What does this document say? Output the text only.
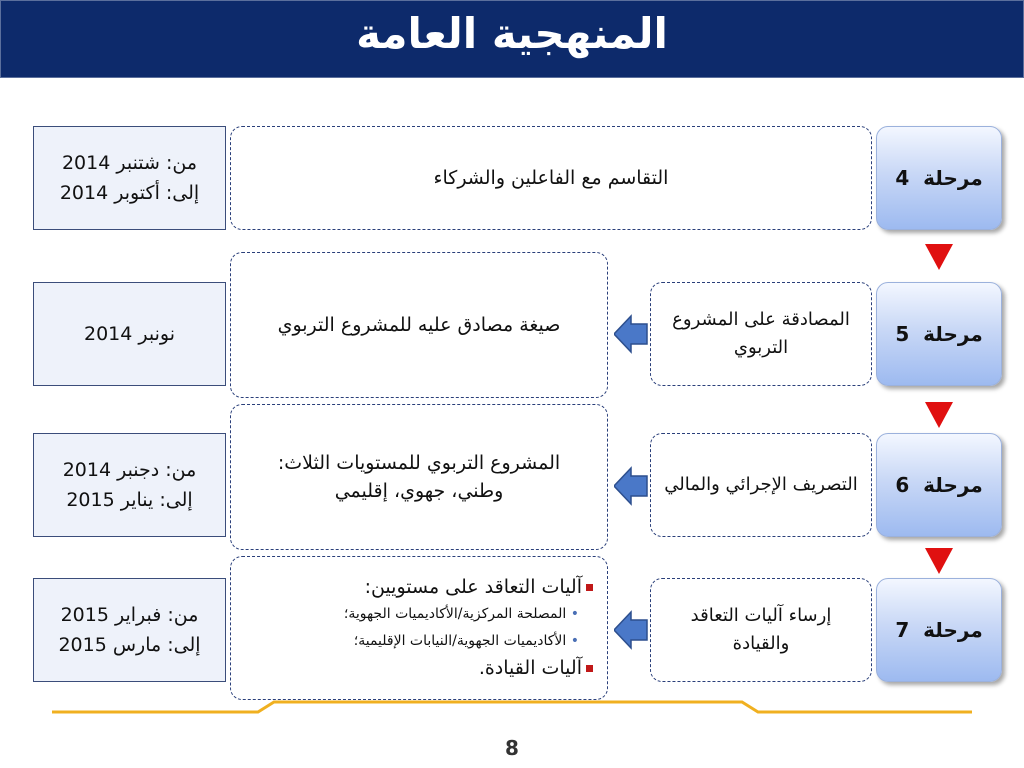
المنهجية العامة
مرحلة

4
التقاسم مع الفاعلين والشركاء
من: شتنبر 2014
إلى: أكتوبر 2014
مرحلة

5
المصادقة على المشروع التربوي
صيغة مصادق عليه للمشروع التربوي
نونبر 2014
مرحلة

6
التصريف الإجرائي والمالي
المشروع التربوي للمستويات الثلاث:
وطني، جهوي، إقليمي
من: دجنبر 2014
إلى: يناير 2015
مرحلة

7
إرساء آليات التعاقد والقيادة
آليات التعاقد على مستويين:
• المصلحة المركزية/الأكاديميات الجهوية؛
• الأكاديميات الجهوية/النيابات الإقليمية؛
آليات القيادة.
من: فبراير 2015
إلى: مارس 2015
8
